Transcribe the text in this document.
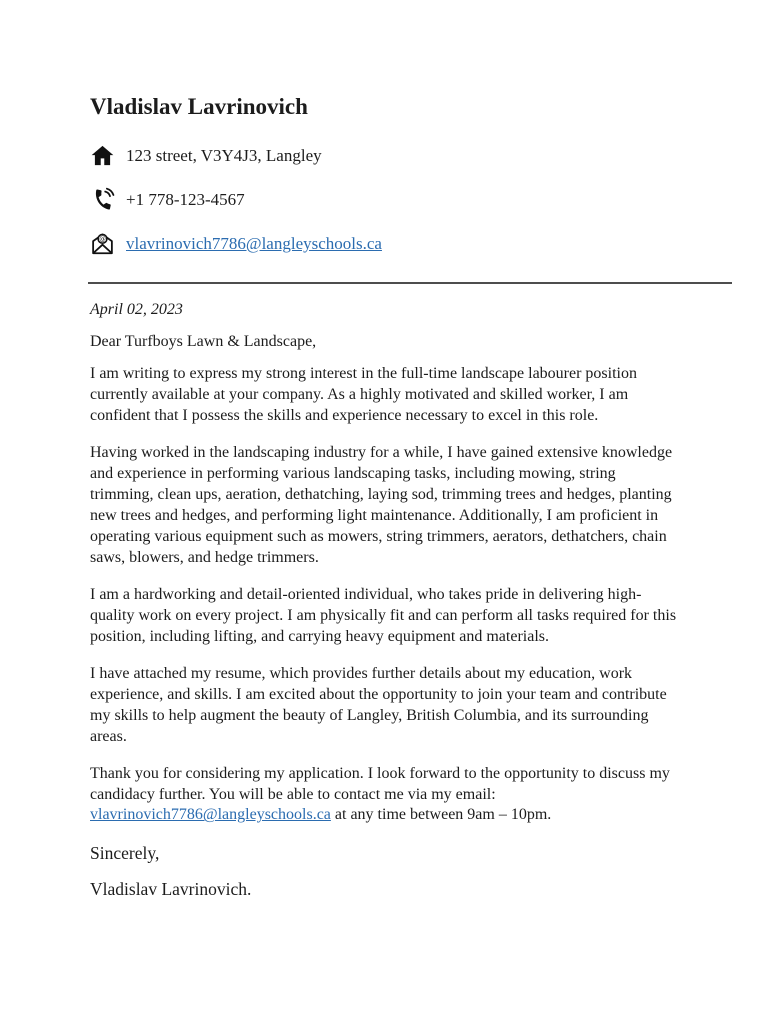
Vladislav Lavrinovich
123 street, V3Y4J3, Langley
+1 778-123-4567
@ vlavrinovich7786@langleyschools.ca
April 02, 2023
Dear Turfboys Lawn & Landscape,

I am writing to express my strong interest in the full-time landscape labourer position currently available at your company. As a highly motivated and skilled worker, I am confident that I possess the skills and experience necessary to excel in this role.

Having worked in the landscaping industry for a while, I have gained extensive knowledge and experience in performing various landscaping tasks, including mowing, string trimming, clean ups, aeration, dethatching, laying sod, trimming trees and hedges, planting new trees and hedges, and performing light maintenance. Additionally, I am proficient in operating various equipment such as mowers, string trimmers, aerators, dethatchers, chain saws, blowers, and hedge trimmers.

I am a hardworking and detail-oriented individual, who takes pride in delivering high-quality work on every project. I am physically fit and can perform all tasks required for this position, including lifting, and carrying heavy equipment and materials.

I have attached my resume, which provides further details about my education, work experience, and skills. I am excited about the opportunity to join your team and contribute my skills to help augment the beauty of Langley, British Columbia, and its surrounding areas.

Thank you for considering my application. I look forward to the opportunity to discuss my candidacy further. You will be able to contact me via my email: vlavrinovich7786@langleyschools.ca at any time between 9am – 10pm.

Sincerely,
Vladislav Lavrinovich.
